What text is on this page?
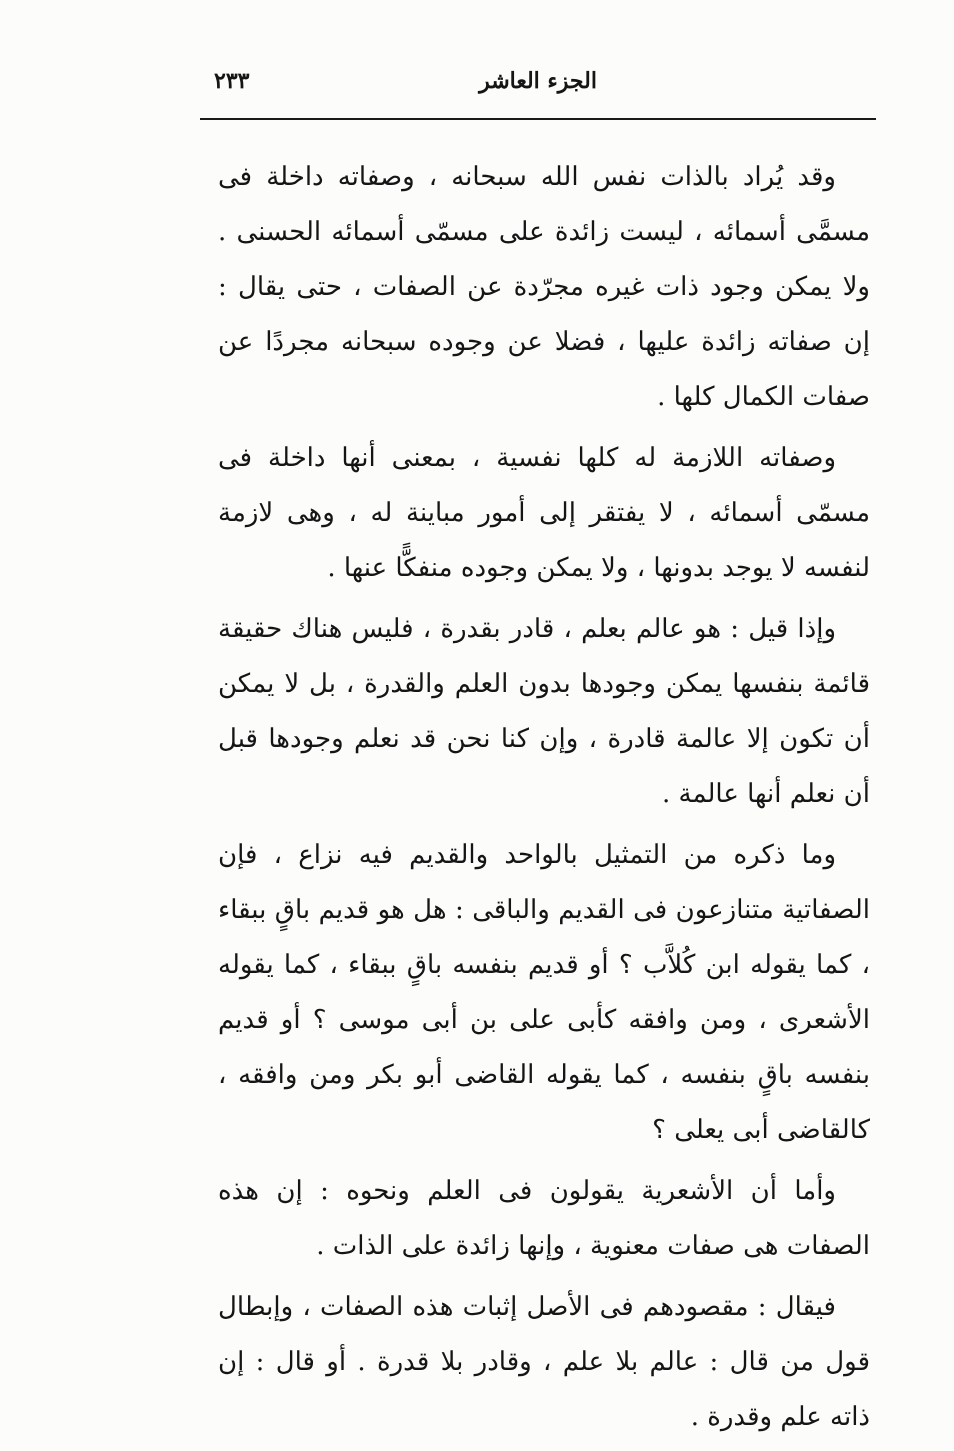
الجزء العاشر
٢٣٣

وقد يُراد بالذات نفس الله سبحانه ، وصفاته داخلة فى مسمَّى أسمائه ، ليست زائدة على مسمّى أسمائه الحسنى . ولا يمكن وجود ذات غيره مجرّدة عن الصفات ، حتى يقال : إن صفاته زائدة عليها ، فضلا عن وجوده سبحانه مجردًا عن صفات الكمال كلها .

وصفاته اللازمة له كلها نفسية ، بمعنى أنها داخلة فى مسمّى أسمائه ، لا يفتقر إلى أمور مباينة له ، وهى لازمة لنفسه لا يوجد بدونها ، ولا يمكن وجوده منفكًّا عنها .

وإذا قيل : هو عالم بعلم ، قادر بقدرة ، فليس هناك حقيقة قائمة بنفسها يمكن وجودها بدون العلم والقدرة ، بل لا يمكن أن تكون إلا عالمة قادرة ، وإن كنا نحن قد نعلم وجودها قبل أن نعلم أنها عالمة .

وما ذكره من التمثيل بالواحد والقديم فيه نزاع ، فإن الصفاتية متنازعون فى القديم والباقى : هل هو قديم باقٍ ببقاء ، كما يقوله ابن كُلاَّب ؟ أو قديم بنفسه باقٍ ببقاء ، كما يقوله الأشعرى ، ومن وافقه كأبى على بن أبى موسى ؟ أو قديم بنفسه باقٍ بنفسه ، كما يقوله القاضى أبو بكر ومن وافقه ، كالقاضى أبى يعلى ؟

وأما أن الأشعرية يقولون فى العلم ونحوه : إن هذه الصفات هى صفات معنوية ، وإنها زائدة على الذات .

فيقال : مقصودهم فى الأصل إثبات هذه الصفات ، وإبطال قول من قال : عالم بلا علم ، وقادر بلا قدرة . أو قال : إن ذاته علم وقدرة .
